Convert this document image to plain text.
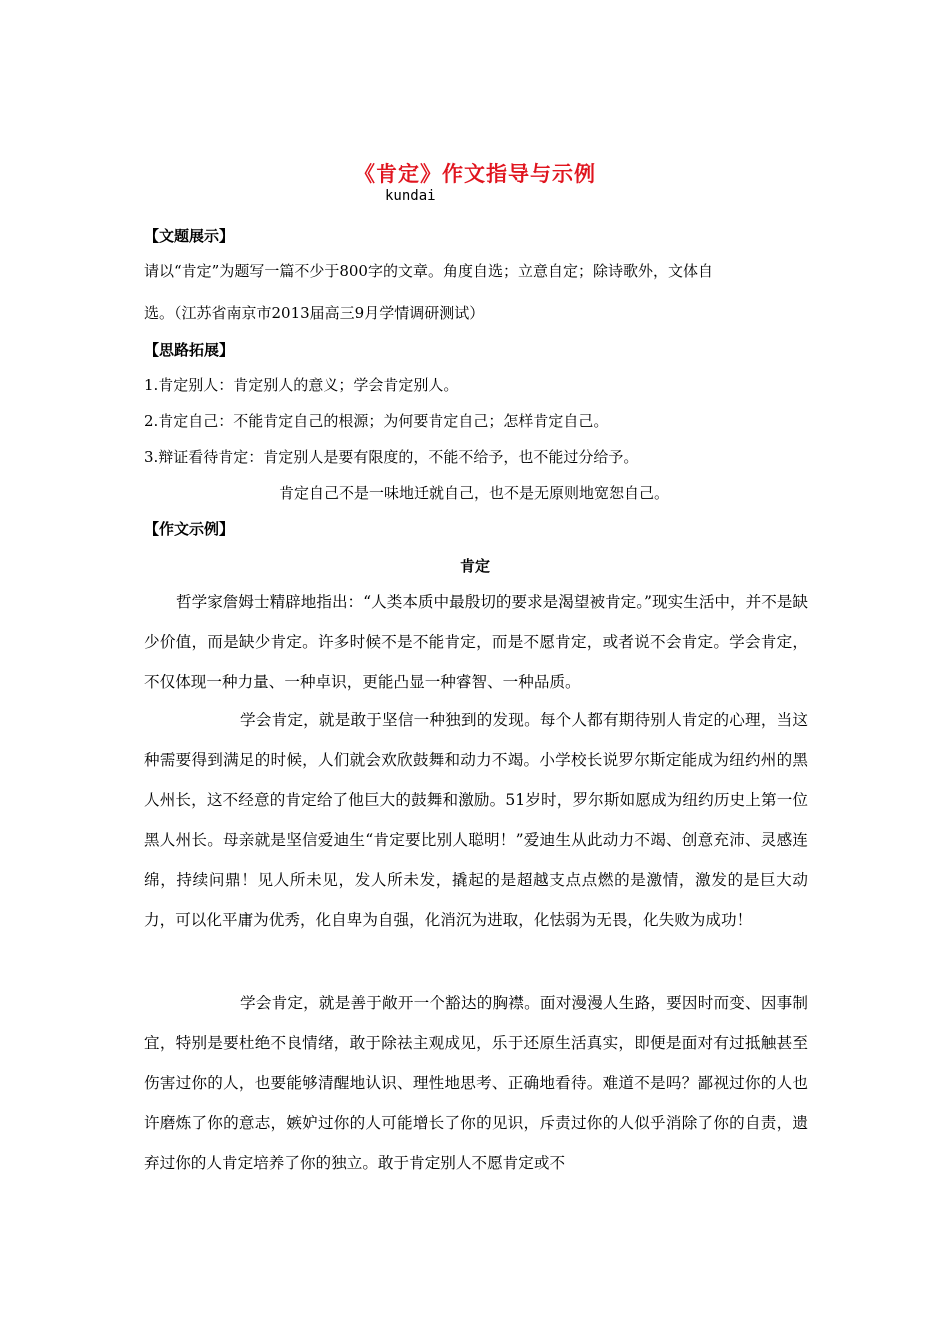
《肯定》作文指导与示例
kundai
【文题展示】
请以“肯定”为题写一篇不少于800字的文章。角度自选；立意自定；除诗歌外，文体自
选。（江苏省南京市2013届高三9月学情调研测试）
【思路拓展】
1.肯定别人：肯定别人的意义；学会肯定别人。
2.肯定自己：不能肯定自己的根源；为何要肯定自己；怎样肯定自己。
3.辩证看待肯定：肯定别人是要有限度的，不能不给予，也不能过分给予。
肯定自己不是一味地迁就自己，也不是无原则地宽恕自己。
【作文示例】
肯定
哲学家詹姆士精辟地指出：“人类本质中最殷切的要求是渴望被肯定。”现实生活中，并不是缺少价值，而是缺少肯定。许多时候不是不能肯定，而是不愿肯定，或者说不会肯定。学会肯定，不仅体现一种力量、一种卓识，更能凸显一种睿智、一种品质。
学会肯定，就是敢于坚信一种独到的发现。每个人都有期待别人肯定的心理，当这种需要得到满足的时候，人们就会欢欣鼓舞和动力不竭。小学校长说罗尔斯定能成为纽约州的黑人州长，这不经意的肯定给了他巨大的鼓舞和激励。51岁时，罗尔斯如愿成为纽约历史上第一位黑人州长。母亲就是坚信爱迪生“肯定要比别人聪明！”爱迪生从此动力不竭、创意充沛、灵感连绵，持续问鼎！见人所未见，发人所未发，撬起的是超越支点点燃的是激情，激发的是巨大动力，可以化平庸为优秀，化自卑为自强，化消沉为进取，化怯弱为无畏，化失败为成功！
学会肯定，就是善于敞开一个豁达的胸襟。面对漫漫人生路，要因时而变、因事制宜，特别是要杜绝不良情绪，敢于除祛主观成见，乐于还原生活真实，即便是面对有过抵触甚至伤害过你的人，也要能够清醒地认识、理性地思考、正确地看待。难道不是吗？鄙视过你的人也许磨炼了你的意志，嫉妒过你的人可能增长了你的见识，斥责过你的人似乎消除了你的自责，遗弃过你的人肯定培养了你的独立。敢于肯定别人不愿肯定或不
